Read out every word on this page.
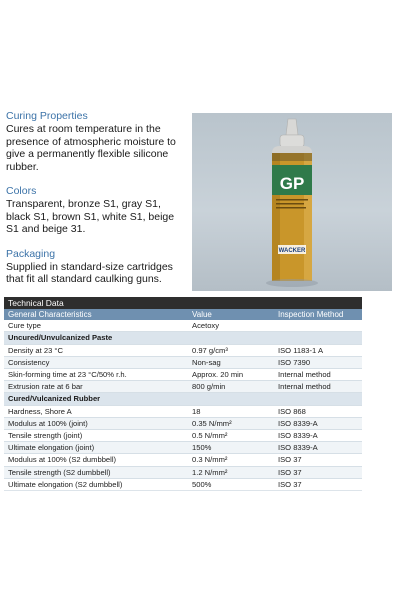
Curing Properties

Cures at room temperature in the presence of atmospheric moisture to give a permanently flexible silicone rubber.

Colors

Transparent, bronze S1, gray S1, black S1, brown S1, white S1, beige S1 and beige 31.

Packaging

Supplied in standard-size cartridges that fit all standard caulking guns.

GP
WACKER
Technical Data
General Characteristics	Value	Inspection Method
Cure type	Acetoxy	
Uncured/Unvulcanized Paste		
Density at 23 °C	0.97 g/cm³	ISO 1183-1 A
Consistency	Non-sag	ISO 7390
Skin-forming time at 23 °C/50% r.h.	Approx. 20 min	Internal method
Extrusion rate at 6 bar	800 g/min	Internal method
Cured/Vulcanized Rubber		
Hardness, Shore A	18	ISO 868
Modulus at 100% (joint)	0.35 N/mm²	ISO 8339-A
Tensile strength (joint)	0.5 N/mm²	ISO 8339-A
Ultimate elongation (joint)	150%	ISO 8339-A
Modulus at 100% (S2 dumbbell)	0.3 N/mm²	ISO 37
Tensile strength (S2 dumbbell)	1.2 N/mm²	ISO 37
Ultimate elongation (S2 dumbbell)	500%	ISO 37
